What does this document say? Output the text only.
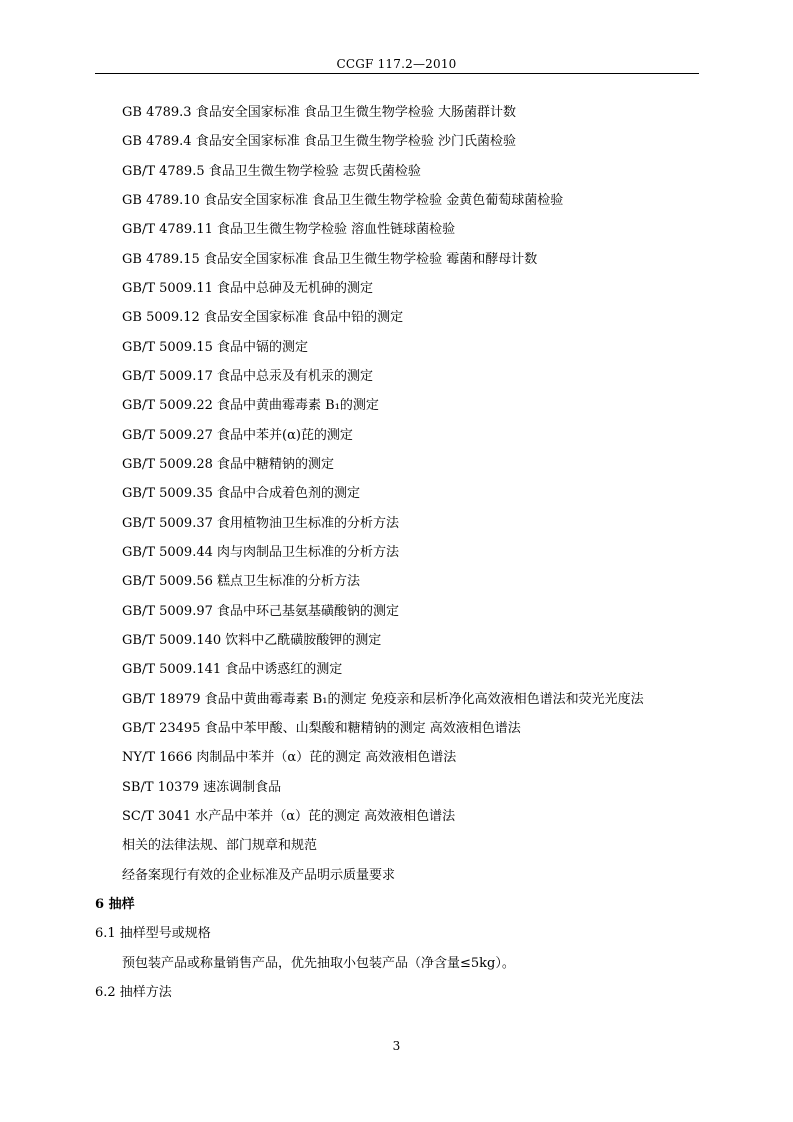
CCGF 117.2—2010
GB 4789.3 食品安全国家标准 食品卫生微生物学检验 大肠菌群计数
GB 4789.4 食品安全国家标准 食品卫生微生物学检验 沙门氏菌检验
GB/T 4789.5 食品卫生微生物学检验 志贺氏菌检验
GB 4789.10 食品安全国家标准 食品卫生微生物学检验 金黄色葡萄球菌检验
GB/T 4789.11 食品卫生微生物学检验 溶血性链球菌检验
GB 4789.15 食品安全国家标准 食品卫生微生物学检验 霉菌和酵母计数
GB/T 5009.11 食品中总砷及无机砷的测定
GB 5009.12 食品安全国家标准 食品中铅的测定
GB/T 5009.15 食品中镉的测定
GB/T 5009.17 食品中总汞及有机汞的测定
GB/T 5009.22 食品中黄曲霉毒素 B₁的测定
GB/T 5009.27 食品中苯并(α)芘的测定
GB/T 5009.28 食品中糖精钠的测定
GB/T 5009.35 食品中合成着色剂的测定
GB/T 5009.37 食用植物油卫生标准的分析方法
GB/T 5009.44 肉与肉制品卫生标准的分析方法
GB/T 5009.56 糕点卫生标准的分析方法
GB/T 5009.97 食品中环己基氨基磺酸钠的测定
GB/T 5009.140 饮料中乙酰磺胺酸钾的测定
GB/T 5009.141 食品中诱惑红的测定
GB/T 18979 食品中黄曲霉毒素 B₁的测定 免疫亲和层析净化高效液相色谱法和荧光光度法
GB/T 23495 食品中苯甲酸、山梨酸和糖精钠的测定 高效液相色谱法
NY/T 1666 肉制品中苯并（α）芘的测定 高效液相色谱法
SB/T 10379 速冻调制食品
SC/T 3041 水产品中苯并（α）芘的测定 高效液相色谱法
相关的法律法规、部门规章和规范
经备案现行有效的企业标准及产品明示质量要求
6 抽样
6.1 抽样型号或规格
预包装产品或称量销售产品，优先抽取小包装产品（净含量≤5kg）。
6.2 抽样方法
3
